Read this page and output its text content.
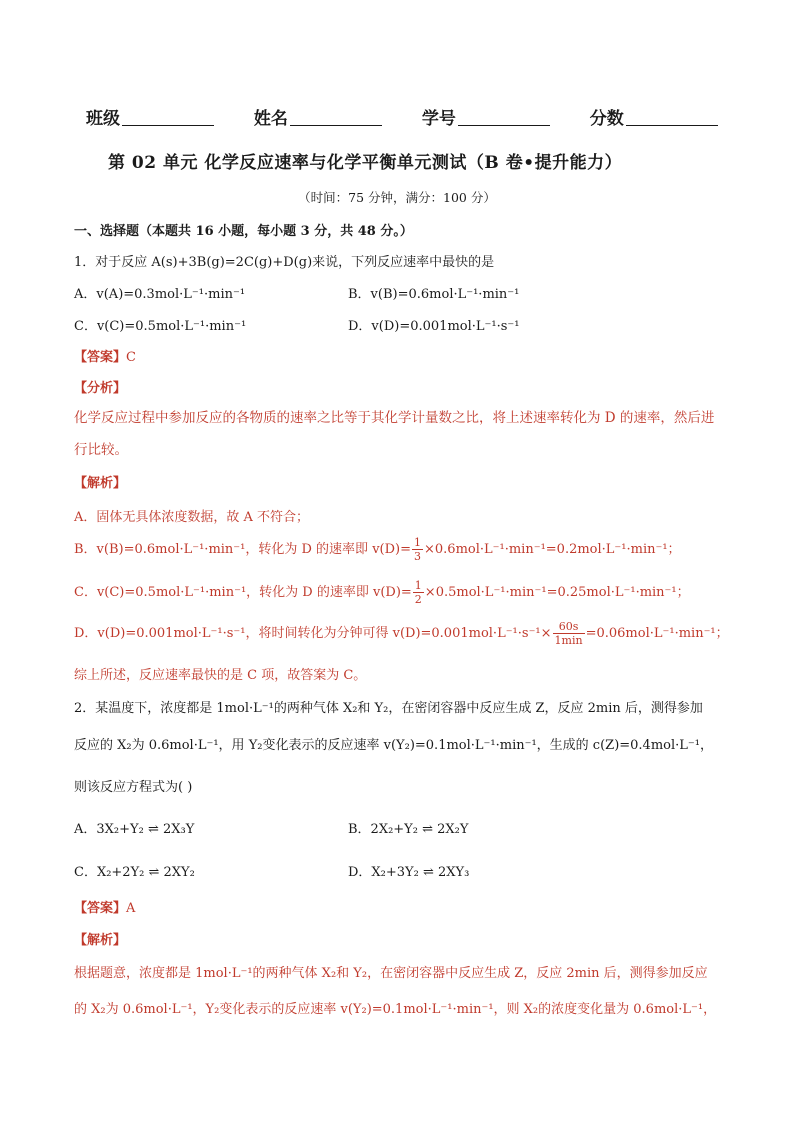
班级	姓名	学号	分数
第 02 单元 化学反应速率与化学平衡单元测试（B 卷•提升能力）
（时间：75 分钟，满分：100 分）
一、选择题（本题共 16 小题，每小题 3 分，共 48 分。）
1．对于反应 A(s)+3B(g)=2C(g)+D(g)来说，下列反应速率中最快的是
A．v(A)=0.3mol·L⁻¹·min⁻¹	B．v(B)=0.6mol·L⁻¹·min⁻¹
C．v(C)=0.5mol·L⁻¹·min⁻¹	D．v(D)=0.001mol·L⁻¹·s⁻¹
【答案】C
【分析】
化学反应过程中参加反应的各物质的速率之比等于其化学计量数之比，将上述速率转化为 D 的速率，然后进行比较。
【解析】
A．固体无具体浓度数据，故 A 不符合；
B．v(B)=0.6mol·L⁻¹·min⁻¹，转化为 D 的速率即 $v(D)= \frac{1}{3} \times 0.6mol\cdot L^{-1}\cdot\min^{-1}=0.2mol\cdot L^{-1}\cdot\min^{-1}$；
C．v(C)=0.5mol·L⁻¹·min⁻¹，转化为 D 的速率即 $v(D)= \frac{1}{2} \times 0.5mol\cdot L^{-1}\cdot\min^{-1}=0.25mol\cdot L^{-1}\cdot\min^{-1}$；
D．v(D)=0.001mol·L⁻¹·s⁻¹，将时间转化为分钟可得 $v(D)=0.001mol\cdot L^{-1}\cdot s^{-1}\times \frac{60s}{1\min} =0.06mol\cdot L^{-1}\cdot\min^{-1}$；
综上所述，反应速率最快的是 C 项，故答案为 C。
2．某温度下，浓度都是 1mol·L⁻¹的两种气体 X₂和 Y₂，在密闭容器中反应生成 Z，反应 2min 后，测得参加
反应的 X₂为 0.6mol·L⁻¹，用 Y₂变化表示的反应速率 v(Y₂)=0.1mol·L⁻¹·min⁻¹，生成的 c(Z)=0.4mol·L⁻¹，
则该反应方程式为( )
A．3X₂+Y₂ ⇌ 2X₃Y	B．2X₂+Y₂ ⇌ 2X₂Y
C．X₂+2Y₂ ⇌ 2XY₂	D．X₂+3Y₂ ⇌ 2XY₃
【答案】A
【解析】
根据题意，浓度都是 1mol·L⁻¹的两种气体 X₂和 Y₂，在密闭容器中反应生成 Z，反应 2min 后，测得参加反应
的 X₂为 0.6mol·L⁻¹，Y₂变化表示的反应速率 v(Y₂)=0.1mol·L⁻¹·min⁻¹，则 X₂的浓度变化量为 0.6mol·L⁻¹，
